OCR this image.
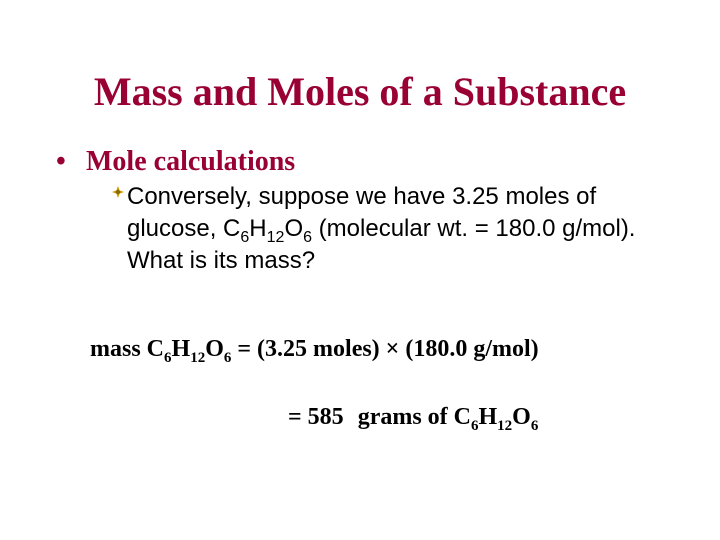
Mass and Moles of a Substance
• Mole calculations
Conversely, suppose we have 3.25 moles of
glucose, $C_6H_{12}O_6$ (molecular wt. = 180.0 g/mol).
What is its mass?
mass $C_6H_{12}O_6 = (3.25$ moles) × (180.0 g/mol)
= 585 grams of $C_6H_{12}O_6$
